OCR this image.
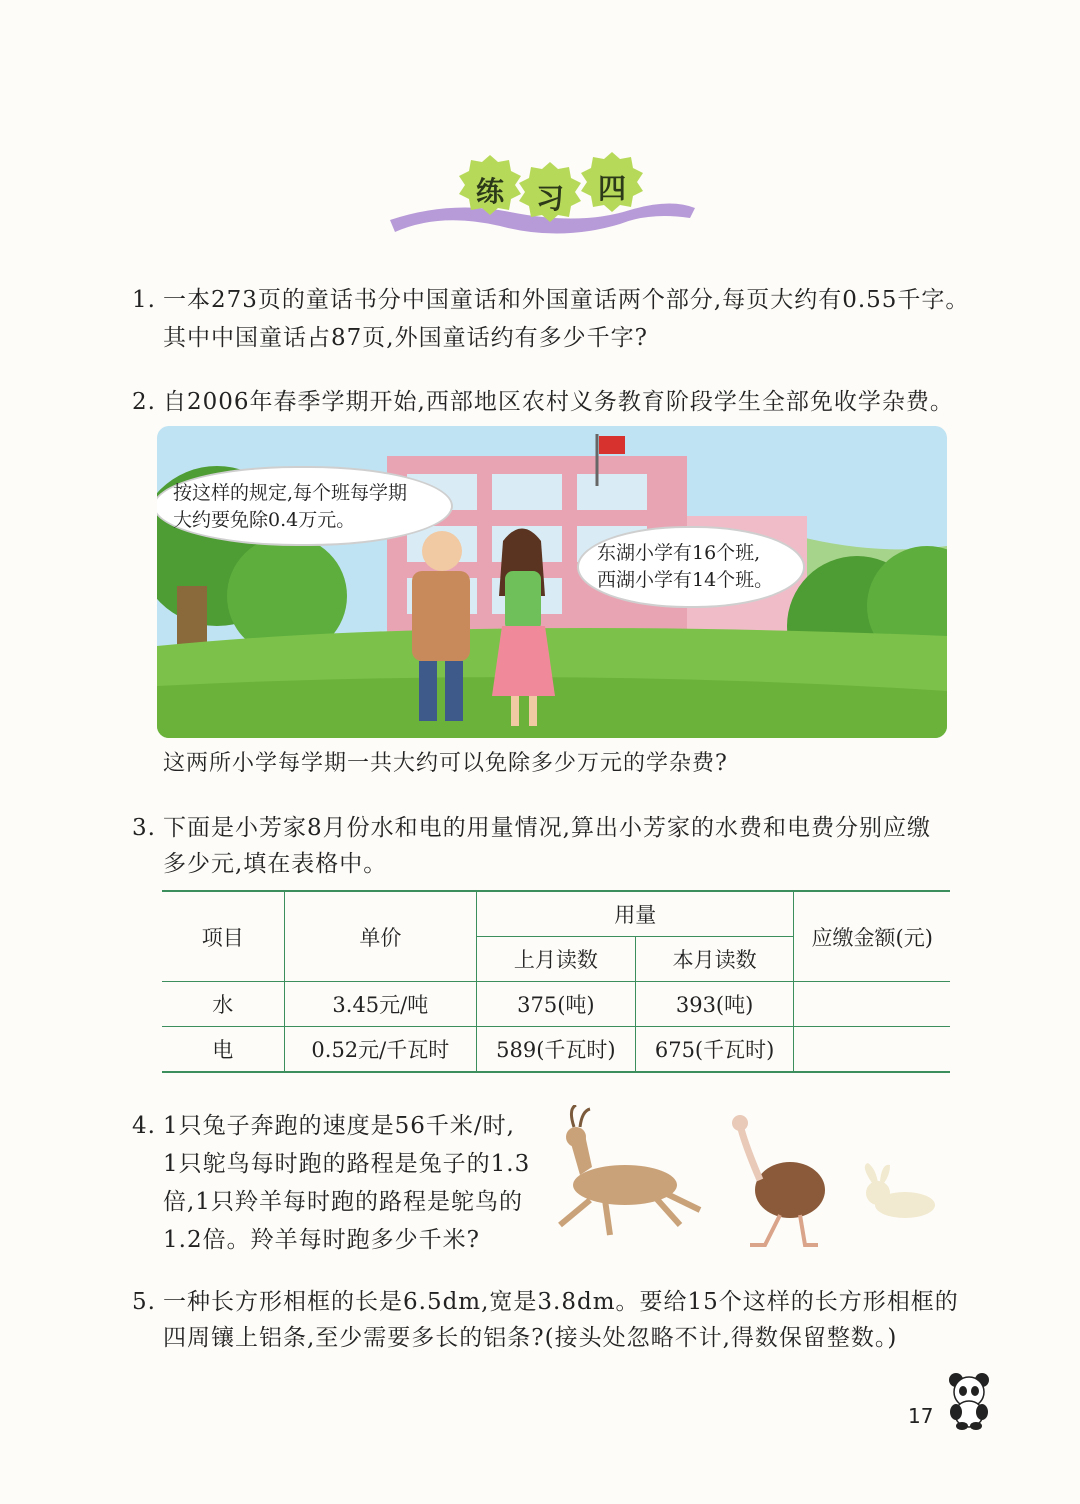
练 习 四
1. 一本273页的童话书分中国童话和外国童话两个部分,每页大约有0.55千字。
其中中国童话占87页,外国童话约有多少千字?
2. 自2006年春季学期开始,西部地区农村义务教育阶段学生全部免收学杂费。
按这样的规定,每个班每学期
大约要免除0.4万元。
东湖小学有16个班,
西湖小学有14个班。
这两所小学每学期一共大约可以免除多少万元的学杂费?
3. 下面是小芳家8月份水和电的用量情况,算出小芳家的水费和电费分别应缴
多少元,填在表格中。
项目	单价	用量		应缴金额(元)
		上月读数	本月读数	
水	3.45元/吨	375(吨)	393(吨)	
电	0.52元/千瓦时	589(千瓦时)	675(千瓦时)	
4. 1只兔子奔跑的速度是56千米/时,
1只鸵鸟每时跑的路程是兔子的1.3
倍,1只羚羊每时跑的路程是鸵鸟的
1.2倍。羚羊每时跑多少千米?
5. 一种长方形相框的长是6.5dm,宽是3.8dm。要给15个这样的长方形相框的
四周镶上铝条,至少需要多长的铝条?(接头处忽略不计,得数保留整数。)
17
